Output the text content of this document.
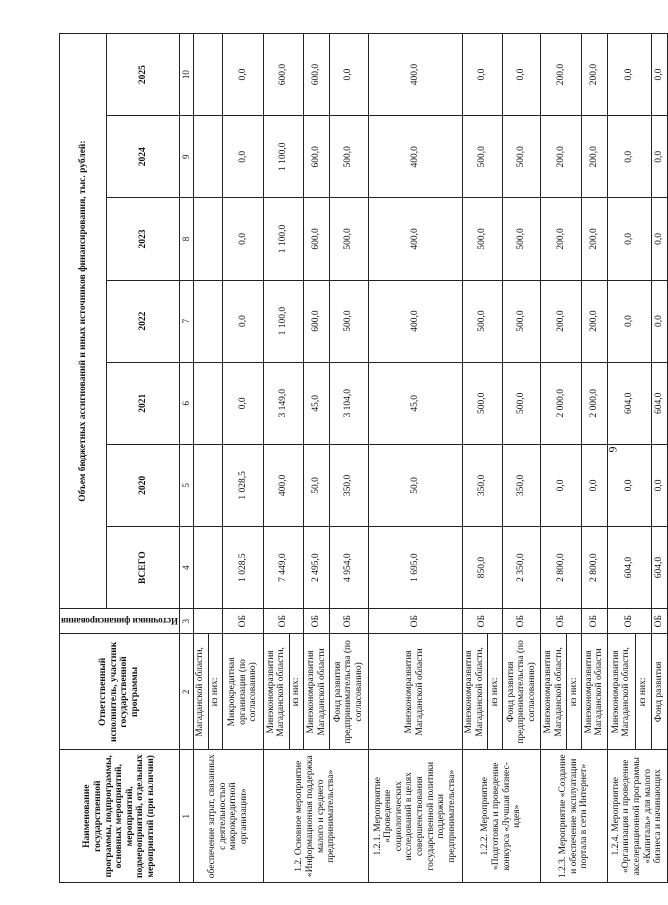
9
Наименование государственной программы, подпрограммы, основных мероприятий, мероприятий, подмероприятий, отдельных мероприятий (при наличии)	Ответственный исполнитель, участник государственной программы	Источники финансирования	Объем бюджетных ассигнований и иных источников финансирования, тыс. рублей:						
			ВСЕГО	2020	2021	2022	2023	2024	2025
1	2	3	4	5	6	7	8	9	10
обеспечение затрат, связанных с деятельностью микрокредитной организации»	Магаданской области,								
	из них:								
	Микрокредитная организация (по согласованию)	ОБ	1 028,5	1 028,5	0,0	0,0	0,0	0,0	0,0
1.2. Основное мероприятие «Информационная поддержка малого и среднего предпринимательства»	Минэкономразвития Магаданской области,	ОБ	7 449,0	400,0	3 149,0	1 100,0	1 100,0	1 100,0	600,0
	из них:								
	Минэкономразвития Магаданской области	ОБ	2 495,0	50,0	45,0	600,0	600,0	600,0	600,0
	Фонд развития предпринимательства (по согласованию)	ОБ	4 954,0	350,0	3 104,0	500,0	500,0	500,0	0,0
1.2.1. Мероприятие «Проведение социологических исследований в целях совершенствования государственной политики поддержки предпринимательства»	Минэкономразвития Магаданской области	ОБ	1 695,0	50,0	45,0	400,0	400,0	400,0	400,0
1.2.2. Мероприятие «Подготовка и проведение конкурса «Лучшая бизнес-идея»	Минэкономразвития Магаданской области,	ОБ	850,0	350,0	500,0	500,0	500,0	500,0	0,0
	из них:								
	Фонд развития предпринимательства (по согласованию)	ОБ	2 350,0	350,0	500,0	500,0	500,0	500,0	0,0
1.2.3. Мероприятие «Создание и обеспечение эксплуатации портала в сети Интернет»	Минэкономразвития Магаданской области,	ОБ	2 800,0	0,0	2 000,0	200,0	200,0	200,0	200,0
	из них:								
	Минэкономразвития Магаданской области	ОБ	2 800,0	0,0	2 000,0	200,0	200,0	200,0	200,0
1.2.4. Мероприятие «Организация и проведение акселерационной программы «Капиталь» для малого бизнеса и начинающих	Минэкономразвития Магаданской области,	ОБ	604,0	0,0	604,0	0,0	0,0	0,0	0,0
	из них:								
	Фонд развития	ОБ	604,0	0,0	604,0	0,0	0,0	0,0	0,0
